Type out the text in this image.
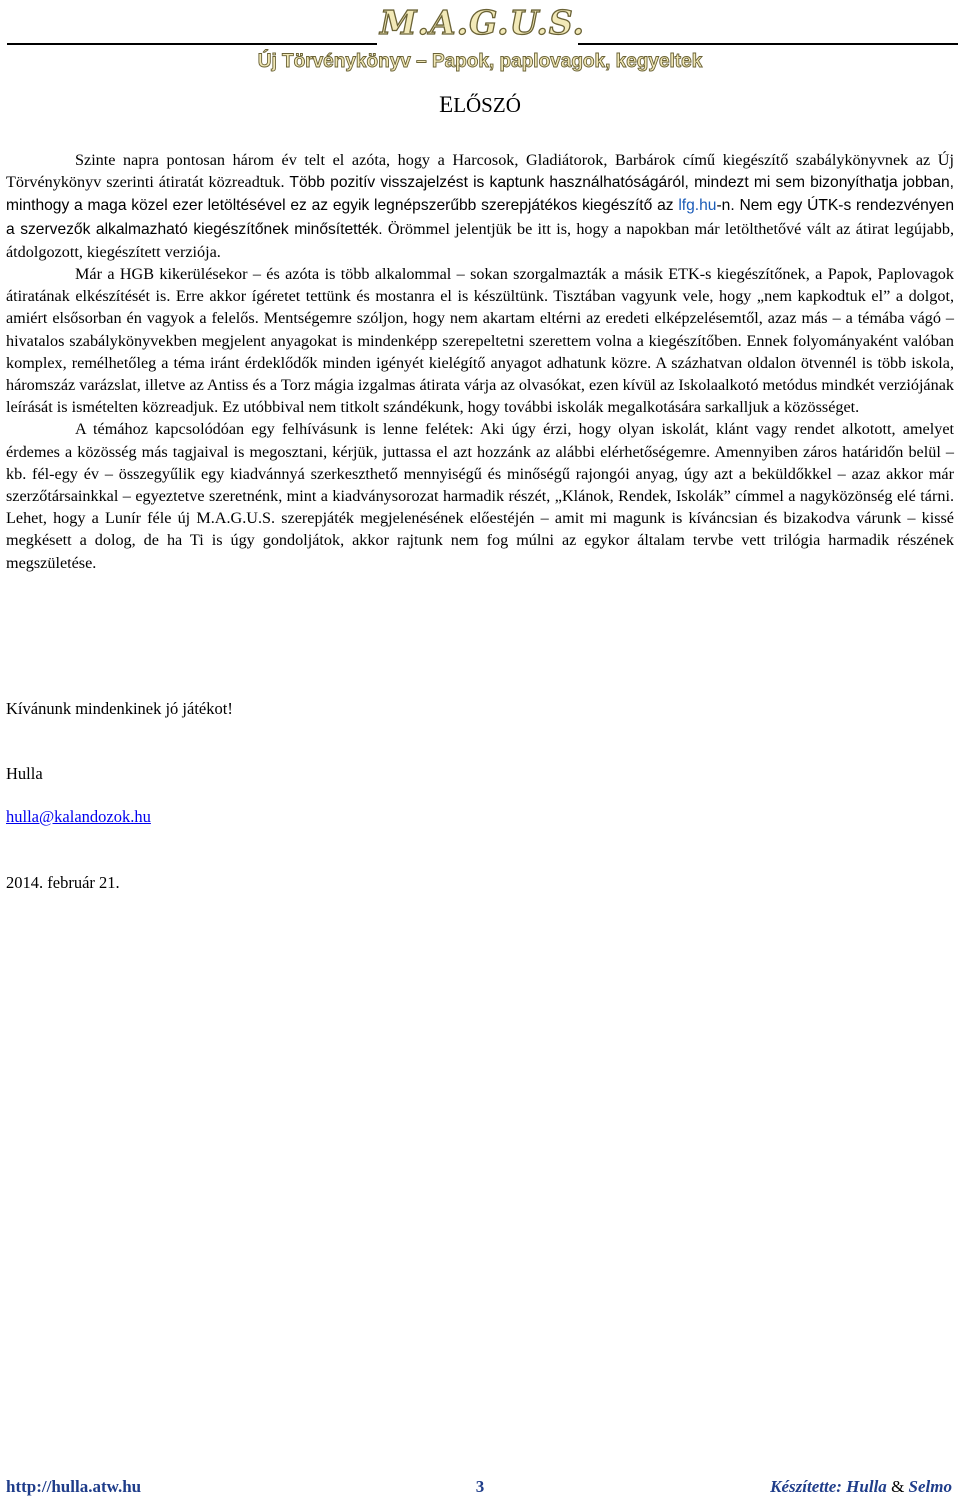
M.A.G.U.S.
Új Törvénykönyv – Papok, paplovagok, kegyeltek
ELŐSZÓ

Szinte napra pontosan három év telt el azóta, hogy a Harcosok, Gladiátorok, Barbárok című kiegészítő szabálykönyvnek az Új Törvénykönyv szerinti átiratát közreadtuk. Több pozitív visszajelzést is kaptunk használhatóságáról, mindezt mi sem bizonyíthatja jobban, minthogy a maga közel ezer letöltésével ez az egyik legnépszerűbb szerepjátékos kiegészítő az lfg.hu-n. Nem egy ÚTK-s rendezvényen a szervezők alkalmazható kiegészítőnek minősítették. Örömmel jelentjük be itt is, hogy a napokban már letölthetővé vált az átirat legújabb, átdolgozott, kiegészített verziója.

Már a HGB kikerülésekor – és azóta is több alkalommal – sokan szorgalmazták a másik ETK-s kiegészítőnek, a Papok, Paplovagok átiratának elkészítését is. Erre akkor ígéretet tettünk és mostanra el is készültünk. Tisztában vagyunk vele, hogy „nem kapkodtuk el” a dolgot, amiért elsősorban én vagyok a felelős. Mentségemre szóljon, hogy nem akartam eltérni az eredeti elképzelésemtől, azaz más – a témába vágó – hivatalos szabálykönyvekben megjelent anyagokat is mindenképp szerepeltetni szerettem volna a kiegészítőben. Ennek folyományaként valóban komplex, remélhetőleg a téma iránt érdeklődők minden igényét kielégítő anyagot adhatunk közre. A százhatvan oldalon ötvennél is több iskola, háromszáz varázslat, illetve az Antiss és a Torz mágia izgalmas átirata várja az olvasókat, ezen kívül az Iskolaalkotó metódus mindkét verziójának leírását is ismételten közreadjuk. Ez utóbbival nem titkolt szándékunk, hogy további iskolák megalkotására sarkalljuk a közösséget.

A témához kapcsolódóan egy felhívásunk is lenne felétek: Aki úgy érzi, hogy olyan iskolát, klánt vagy rendet alkotott, amelyet érdemes a közösség más tagjaival is megosztani, kérjük, juttassa el azt hozzánk az alábbi elérhetőségemre. Amennyiben záros határidőn belül – kb. fél-egy év – összegyűlik egy kiadvánnyá szerkeszthető mennyiségű és minőségű rajongói anyag, úgy azt a beküldőkkel – azaz akkor már szerzőtársainkkal – egyeztetve szeretnénk, mint a kiadványsorozat harmadik részét, „Klánok, Rendek, Iskolák” címmel a nagyközönség elé tárni. Lehet, hogy a Lunír féle új M.A.G.U.S. szerepjáték megjelenésének előestéjén – amit mi magunk is kíváncsian és bizakodva várunk – kissé megkésett a dolog, de ha Ti is úgy gondoljátok, akkor rajtunk nem fog múlni az egykor általam tervbe vett trilógia harmadik részének megszületése.

Kívánunk mindenkinek jó játékot!
Hulla
hulla@kalandozok.hu
2014. február 21.
http://hulla.atw.hu	3	Készítette: Hulla & Selmo
